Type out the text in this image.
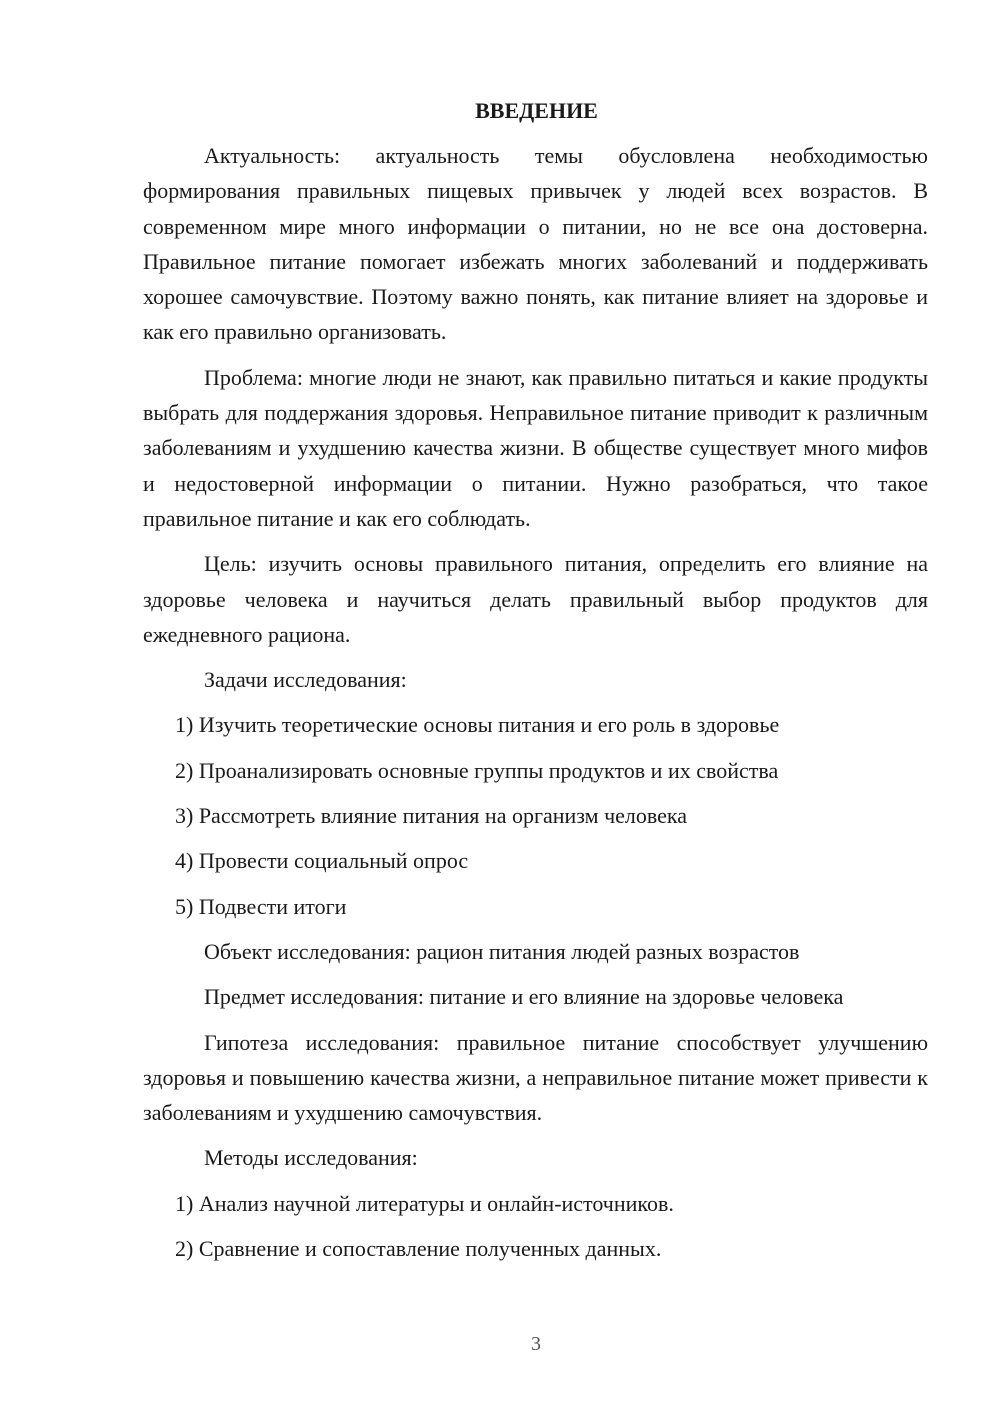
ВВЕДЕНИЕ

Актуальность: актуальность темы обусловлена необходимостью формирования правильных пищевых привычек у людей всех возрастов. В современном мире много информации о питании, но не все она достоверна. Правильное питание помогает избежать многих заболеваний и поддерживать хорошее самочувствие. Поэтому важно понять, как питание влияет на здоровье и как его правильно организовать.

Проблема: многие люди не знают, как правильно питаться и какие продукты выбрать для поддержания здоровья. Неправильное питание приводит к различным заболеваниям и ухудшению качества жизни. В обществе существует много мифов и недостоверной информации о питании. Нужно разобраться, что такое правильное питание и как его соблюдать.

Цель: изучить основы правильного питания, определить его влияние на здоровье человека и научиться делать правильный выбор продуктов для ежедневного рациона.

Задачи исследования:

1) Изучить теоретические основы питания и его роль в здоровье

2) Проанализировать основные группы продуктов и их свойства

3) Рассмотреть влияние питания на организм человека

4) Провести социальный опрос

5) Подвести итоги

Объект исследования: рацион питания людей разных возрастов

Предмет исследования: питание и его влияние на здоровье человека

Гипотеза исследования: правильное питание способствует улучшению здоровья и повышению качества жизни, а неправильное питание может привести к заболеваниям и ухудшению самочувствия.

Методы исследования:

1) Анализ научной литературы и онлайн-источников.

2) Сравнение и сопоставление полученных данных.

3
